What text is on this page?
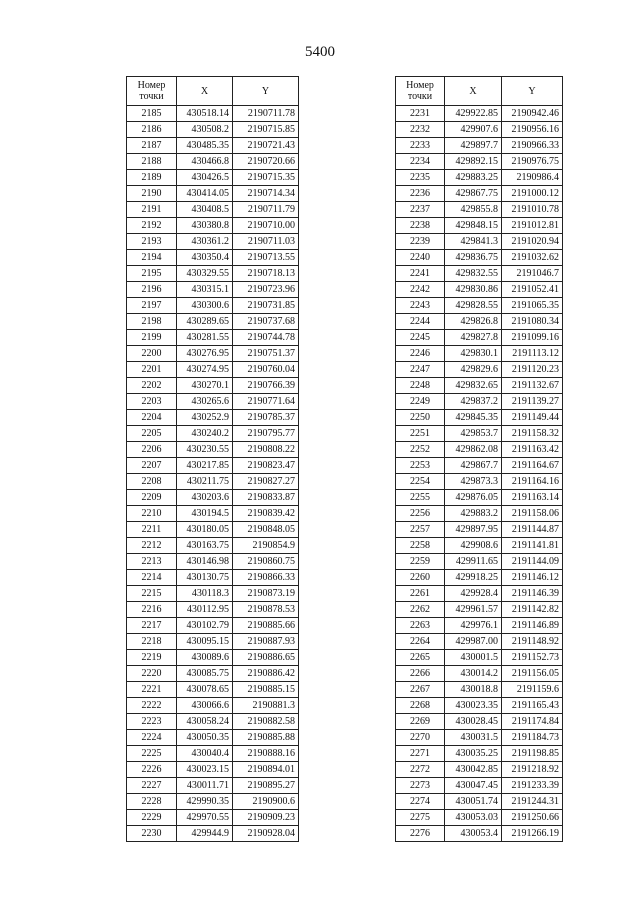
5400
Номер
точки	X	Y
2185	430518.14	2190711.78
2186	430508.2	2190715.85
2187	430485.35	2190721.43
2188	430466.8	2190720.66
2189	430426.5	2190715.35
2190	430414.05	2190714.34
2191	430408.5	2190711.79
2192	430380.8	2190710.00
2193	430361.2	2190711.03
2194	430350.4	2190713.55
2195	430329.55	2190718.13
2196	430315.1	2190723.96
2197	430300.6	2190731.85
2198	430289.65	2190737.68
2199	430281.55	2190744.78
2200	430276.95	2190751.37
2201	430274.95	2190760.04
2202	430270.1	2190766.39
2203	430265.6	2190771.64
2204	430252.9	2190785.37
2205	430240.2	2190795.77
2206	430230.55	2190808.22
2207	430217.85	2190823.47
2208	430211.75	2190827.27
2209	430203.6	2190833.87
2210	430194.5	2190839.42
2211	430180.05	2190848.05
2212	430163.75	2190854.9
2213	430146.98	2190860.75
2214	430130.75	2190866.33
2215	430118.3	2190873.19
2216	430112.95	2190878.53
2217	430102.79	2190885.66
2218	430095.15	2190887.93
2219	430089.6	2190886.65
2220	430085.75	2190886.42
2221	430078.65	2190885.15
2222	430066.6	2190881.3
2223	430058.24	2190882.58
2224	430050.35	2190885.88
2225	430040.4	2190888.16
2226	430023.15	2190894.01
2227	430011.71	2190895.27
2228	429990.35	2190900.6
2229	429970.55	2190909.23
2230	429944.9	2190928.04
Номер
точки	X	Y
2231	429922.85	2190942.46
2232	429907.6	2190956.16
2233	429897.7	2190966.33
2234	429892.15	2190976.75
2235	429883.25	2190986.4
2236	429867.75	2191000.12
2237	429855.8	2191010.78
2238	429848.15	2191012.81
2239	429841.3	2191020.94
2240	429836.75	2191032.62
2241	429832.55	2191046.7
2242	429830.86	2191052.41
2243	429828.55	2191065.35
2244	429826.8	2191080.34
2245	429827.8	2191099.16
2246	429830.1	2191113.12
2247	429829.6	2191120.23
2248	429832.65	2191132.67
2249	429837.2	2191139.27
2250	429845.35	2191149.44
2251	429853.7	2191158.32
2252	429862.08	2191163.42
2253	429867.7	2191164.67
2254	429873.3	2191164.16
2255	429876.05	2191163.14
2256	429883.2	2191158.06
2257	429897.95	2191144.87
2258	429908.6	2191141.81
2259	429911.65	2191144.09
2260	429918.25	2191146.12
2261	429928.4	2191146.39
2262	429961.57	2191142.82
2263	429976.1	2191146.89
2264	429987.00	2191148.92
2265	430001.5	2191152.73
2266	430014.2	2191156.05
2267	430018.8	2191159.6
2268	430023.35	2191165.43
2269	430028.45	2191174.84
2270	430031.5	2191184.73
2271	430035.25	2191198.85
2272	430042.85	2191218.92
2273	430047.45	2191233.39
2274	430051.74	2191244.31
2275	430053.03	2191250.66
2276	430053.4	2191266.19
